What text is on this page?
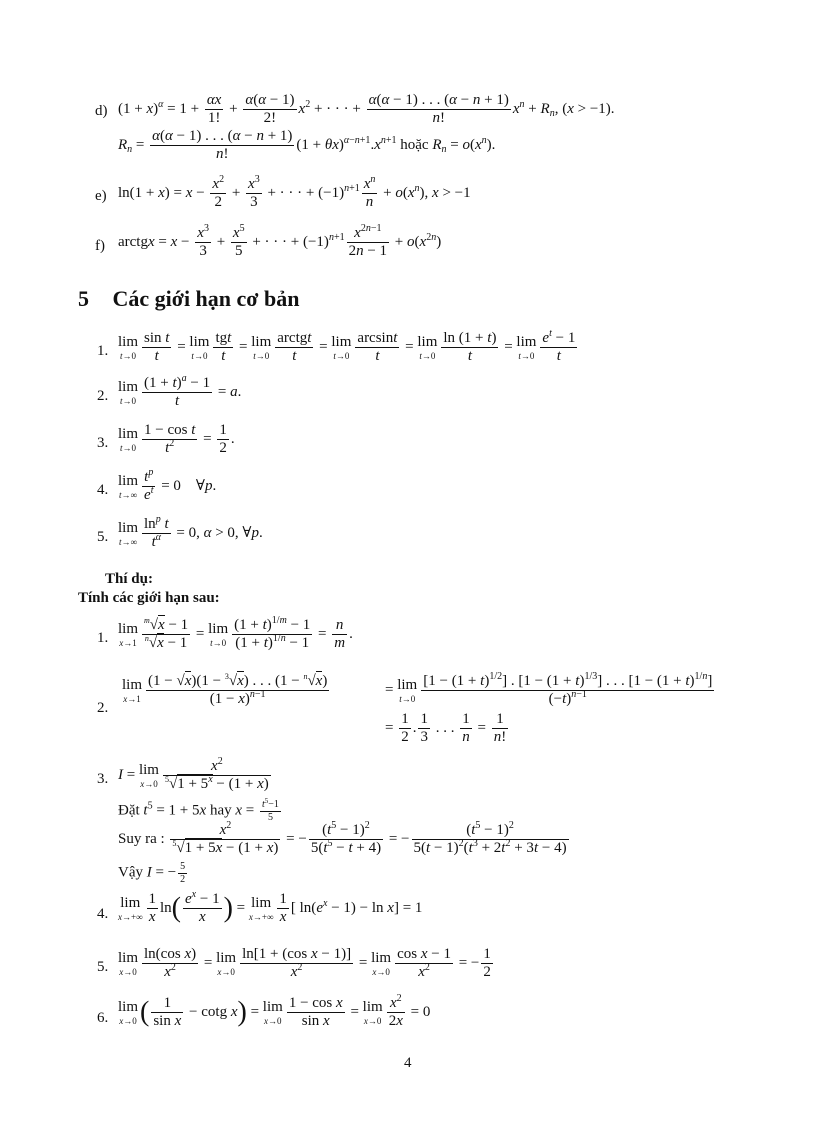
d) $(1 + x)^\alpha = 1 + \frac{\alpha x}{1!} + \frac{\alpha(\alpha - 1)}{2!} x^2$ + · · · + $\frac{\alpha(\alpha - 1) . . . (\alpha - n + 1)}{n!} x^n + R_n$, (x > −1).
$R_n = \frac{\alpha(\alpha - 1) . . . (\alpha - n + 1)}{n!} (1 + \theta x)^{\alpha-n+1}.x^{n+1}$ hoặc $R_n = o(x^n)$.
e) $\ln(1 + x) = x - \frac{x^2}{2} + \frac{x^3}{3}$ + · · · + $(-1)^{n+1} \frac{x^n}{n} + o(x^n)$, x > −1
f) arctgx = $x - \frac{x^3}{3} + \frac{x^5}{5}$ + · · · + $(-1)^{n+1} \frac{x^{2n-1}}{2n - 1} + o(x^{2n})$
5 Các giới hạn cơ bản
1.
lim
$t\to 0 \frac{\text{sin t}}{t} = \lim$
$t\to 0 \frac{\text{tgt}}{t} = \lim$
$t\to 0 \frac{\text{arctgt}}{t} = \lim$
$t\to 0 \frac{\arcsin t}{t} = \lim$
$t\to 0 \frac{\ln (1 + t)}{t} = \lim$
$t\to 0 \frac{e^t - 1}{t}$
2.
lim
$t\to 0 \frac{(1 + t)^a - 1}{t} = a$.
3.
lim
$t\to 0 \frac{\text{1 − cos t}}{t^2} = \frac{1}{2}$ .
4.
lim
$t\to\infty \frac{t^p}{e^t} = 0$    ∀p.
5.
lim
$t\to\infty \frac{\ln^p t}{t^\alpha} = 0$, α > 0, ∀p.
Thí dụ:
Tính các giới hạn sau:
1.
lim
$x\to 1 \frac{^m√x - 1}{^n√x - 1} = \lim$
$t\to 0 \frac{(1 + t)^{1/m} - 1}{(1 + t)^{1/n} - 1} = \frac{n}{m}$ .
2.
lim
$x\to 1 \frac{(1 - √x)(1 - ^3√x) . . . (1 - ^n√x)}{(1 - x)^{n-1}}$	= lim
$t\to 0 \frac{[1 - (1 + t)^{1/2}] . [1 - (1 + t)^{1/3}] . . . [1 - (1 + t)^{1/n}]}{(-t)^{n-1}}$
= $\frac{1}{2}$ . $\frac{1}{3}$ . . . $\frac{1}{n} = \frac{1}{n!}$
3. I = lim
$x\to 0 \frac{x^2}{^5√1 + 5^x - (1 + x)}$
Đặt $t^5 = 1 + 5x$ hay $x = \frac{t^5-1}{5}$
Suy ra : $\frac{x^2}{^5√1 + 5x - (1 + x)}$ = − $\frac{(t^5 - 1)^2}{5(t^5 - t + 4)}$ = − $\frac{(t^5 - 1)^2}{5(t - 1)^2(t^3 + 2t^2 + 3t - 4)}$
Vậy I = − $\frac{5}{2}$
4.
lim
$x\to+\infty \frac{1}{x} \ln( \frac{e^x - 1}{x}$ ) = lim
$x\to+\infty \frac{1}{x}$ [ $\ln(e^x - 1) - \ln x] = 1$
5.
lim
$x\to 0 \frac{\text{ln(cos x)}}{x^2} = \lim$
$x\to 0 \frac{\text{ln[1 + (cos x − 1)]}}{x^2} = \lim$
$x\to 0 \frac{\text{cos x − 1}}{x^2}$ = − $\frac{1}{2}$
6.
lim
x→0 ( $\frac{1}{\text{sin x}} - \cot g$ x) = lim
$x\to 0 \frac{\text{1 − cos x}}{\text{sin x}} = \lim$
$x\to 0 \frac{x^2}{2x} = 0$
4
